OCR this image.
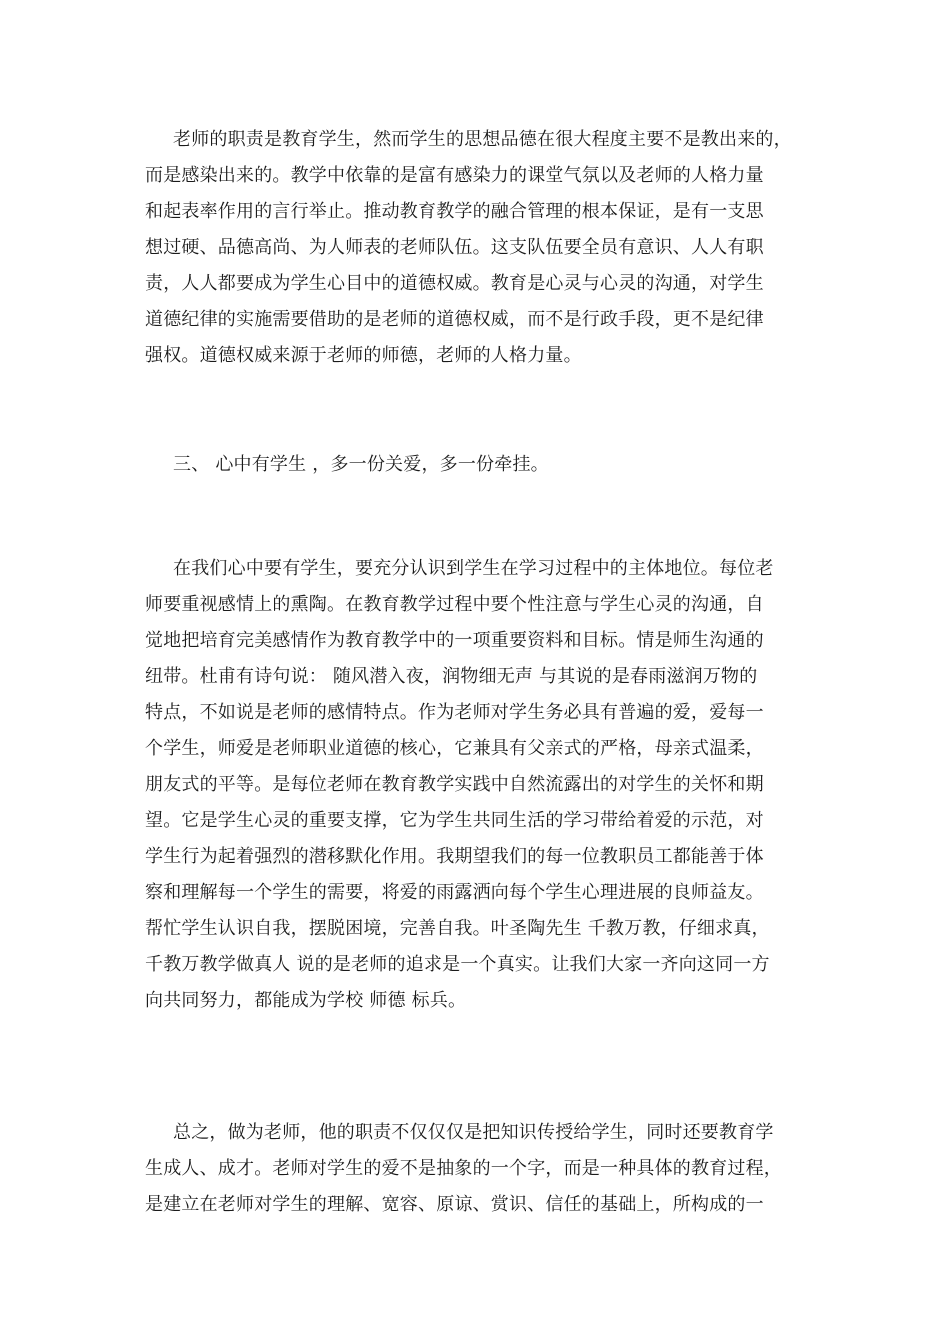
老师的职责是教育学生，然而学生的思想品德在很大程度主要不是教出来的，
而是感染出来的。教学中依靠的是富有感染力的课堂气氛以及老师的人格力量
和起表率作用的言行举止。推动教育教学的融合管理的根本保证，是有一支思
想过硬、品德高尚、为人师表的老师队伍。这支队伍要全员有意识、人人有职
责，人人都要成为学生心目中的道德权威。教育是心灵与心灵的沟通，对学生
道德纪律的实施需要借助的是老师的道德权威，而不是行政手段，更不是纪律
强权。道德权威来源于老师的师德，老师的人格力量。
三、 心中有学生 ，多一份关爱，多一份牵挂。
在我们心中要有学生，要充分认识到学生在学习过程中的主体地位。每位老
师要重视感情上的熏陶。在教育教学过程中要个性注意与学生心灵的沟通，自
觉地把培育完美感情作为教育教学中的一项重要资料和目标。情是师生沟通的
纽带。杜甫有诗句说： 随风潜入夜，润物细无声 与其说的是春雨滋润万物的
特点，不如说是老师的感情特点。作为老师对学生务必具有普遍的爱，爱每一
个学生，师爱是老师职业道德的核心，它兼具有父亲式的严格，母亲式温柔，
朋友式的平等。是每位老师在教育教学实践中自然流露出的对学生的关怀和期
望。它是学生心灵的重要支撑，它为学生共同生活的学习带给着爱的示范，对
学生行为起着强烈的潜移默化作用。我期望我们的每一位教职员工都能善于体
察和理解每一个学生的需要，将爱的雨露洒向每个学生心理进展的良师益友。
帮忙学生认识自我，摆脱困境，完善自我。叶圣陶先生 千教万教，仔细求真，
千教万教学做真人 说的是老师的追求是一个真实。让我们大家一齐向这同一方
向共同努力，都能成为学校 师德 标兵。
总之，做为老师，他的职责不仅仅仅是把知识传授给学生，同时还要教育学
生成人、成才。老师对学生的爱不是抽象的一个字，而是一种具体的教育过程，
是建立在老师对学生的理解、宽容、原谅、赏识、信任的基础上，所构成的一
